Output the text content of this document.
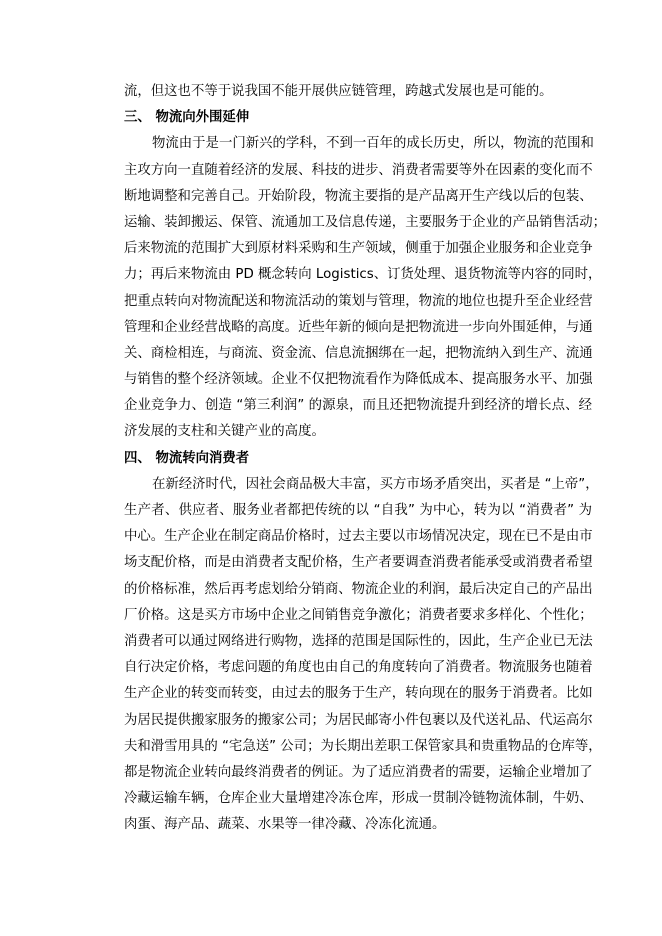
流，但这也不等于说我国不能开展供应链管理，跨越式发展也是可能的。
三、 物流向外围延伸
物流由于是一门新兴的学科，不到一百年的成长历史，所以，物流的范围和
主攻方向一直随着经济的发展、科技的进步、消费者需要等外在因素的变化而不
断地调整和完善自己。开始阶段，物流主要指的是产品离开生产线以后的包装、
运输、装卸搬运、保管、流通加工及信息传递，主要服务于企业的产品销售活动；
后来物流的范围扩大到原材料采购和生产领域，侧重于加强企业服务和企业竞争
力；再后来物流由 PD 概念转向 Logistics、订货处理、退货物流等内容的同时，
把重点转向对物流配送和物流活动的策划与管理，物流的地位也提升至企业经营
管理和企业经营战略的高度。近些年新的倾向是把物流进一步向外围延伸，与通
关、商检相连，与商流、资金流、信息流捆绑在一起，把物流纳入到生产、流通
与销售的整个经济领域。企业不仅把物流看作为降低成本、提高服务水平、加强
企业竞争力、创造 “第三利润” 的源泉，而且还把物流提升到经济的增长点、经
济发展的支柱和关键产业的高度。
四、 物流转向消费者
在新经济时代，因社会商品极大丰富，买方市场矛盾突出，买者是 “上帝”，
生产者、供应者、服务业者都把传统的以 “自我” 为中心，转为以 “消费者” 为
中心。生产企业在制定商品价格时，过去主要以市场情况决定，现在已不是由市
场支配价格，而是由消费者支配价格，生产者要调查消费者能承受或消费者希望
的价格标准，然后再考虑划给分销商、物流企业的利润，最后决定自己的产品出
厂价格。这是买方市场中企业之间销售竞争激化；消费者要求多样化、个性化；
消费者可以通过网络进行购物，选择的范围是国际性的，因此，生产企业已无法
自行决定价格，考虑问题的角度也由自己的角度转向了消费者。物流服务也随着
生产企业的转变而转变，由过去的服务于生产，转向现在的服务于消费者。比如
为居民提供搬家服务的搬家公司；为居民邮寄小件包裹以及代送礼品、代运高尔
夫和滑雪用具的 “宅急送” 公司；为长期出差职工保管家具和贵重物品的仓库等，
都是物流企业转向最终消费者的例证。为了适应消费者的需要，运输企业增加了
冷藏运输车辆，仓库企业大量增建冷冻仓库，形成一贯制冷链物流体制，牛奶、
肉蛋、海产品、蔬菜、水果等一律冷藏、冷冻化流通。
